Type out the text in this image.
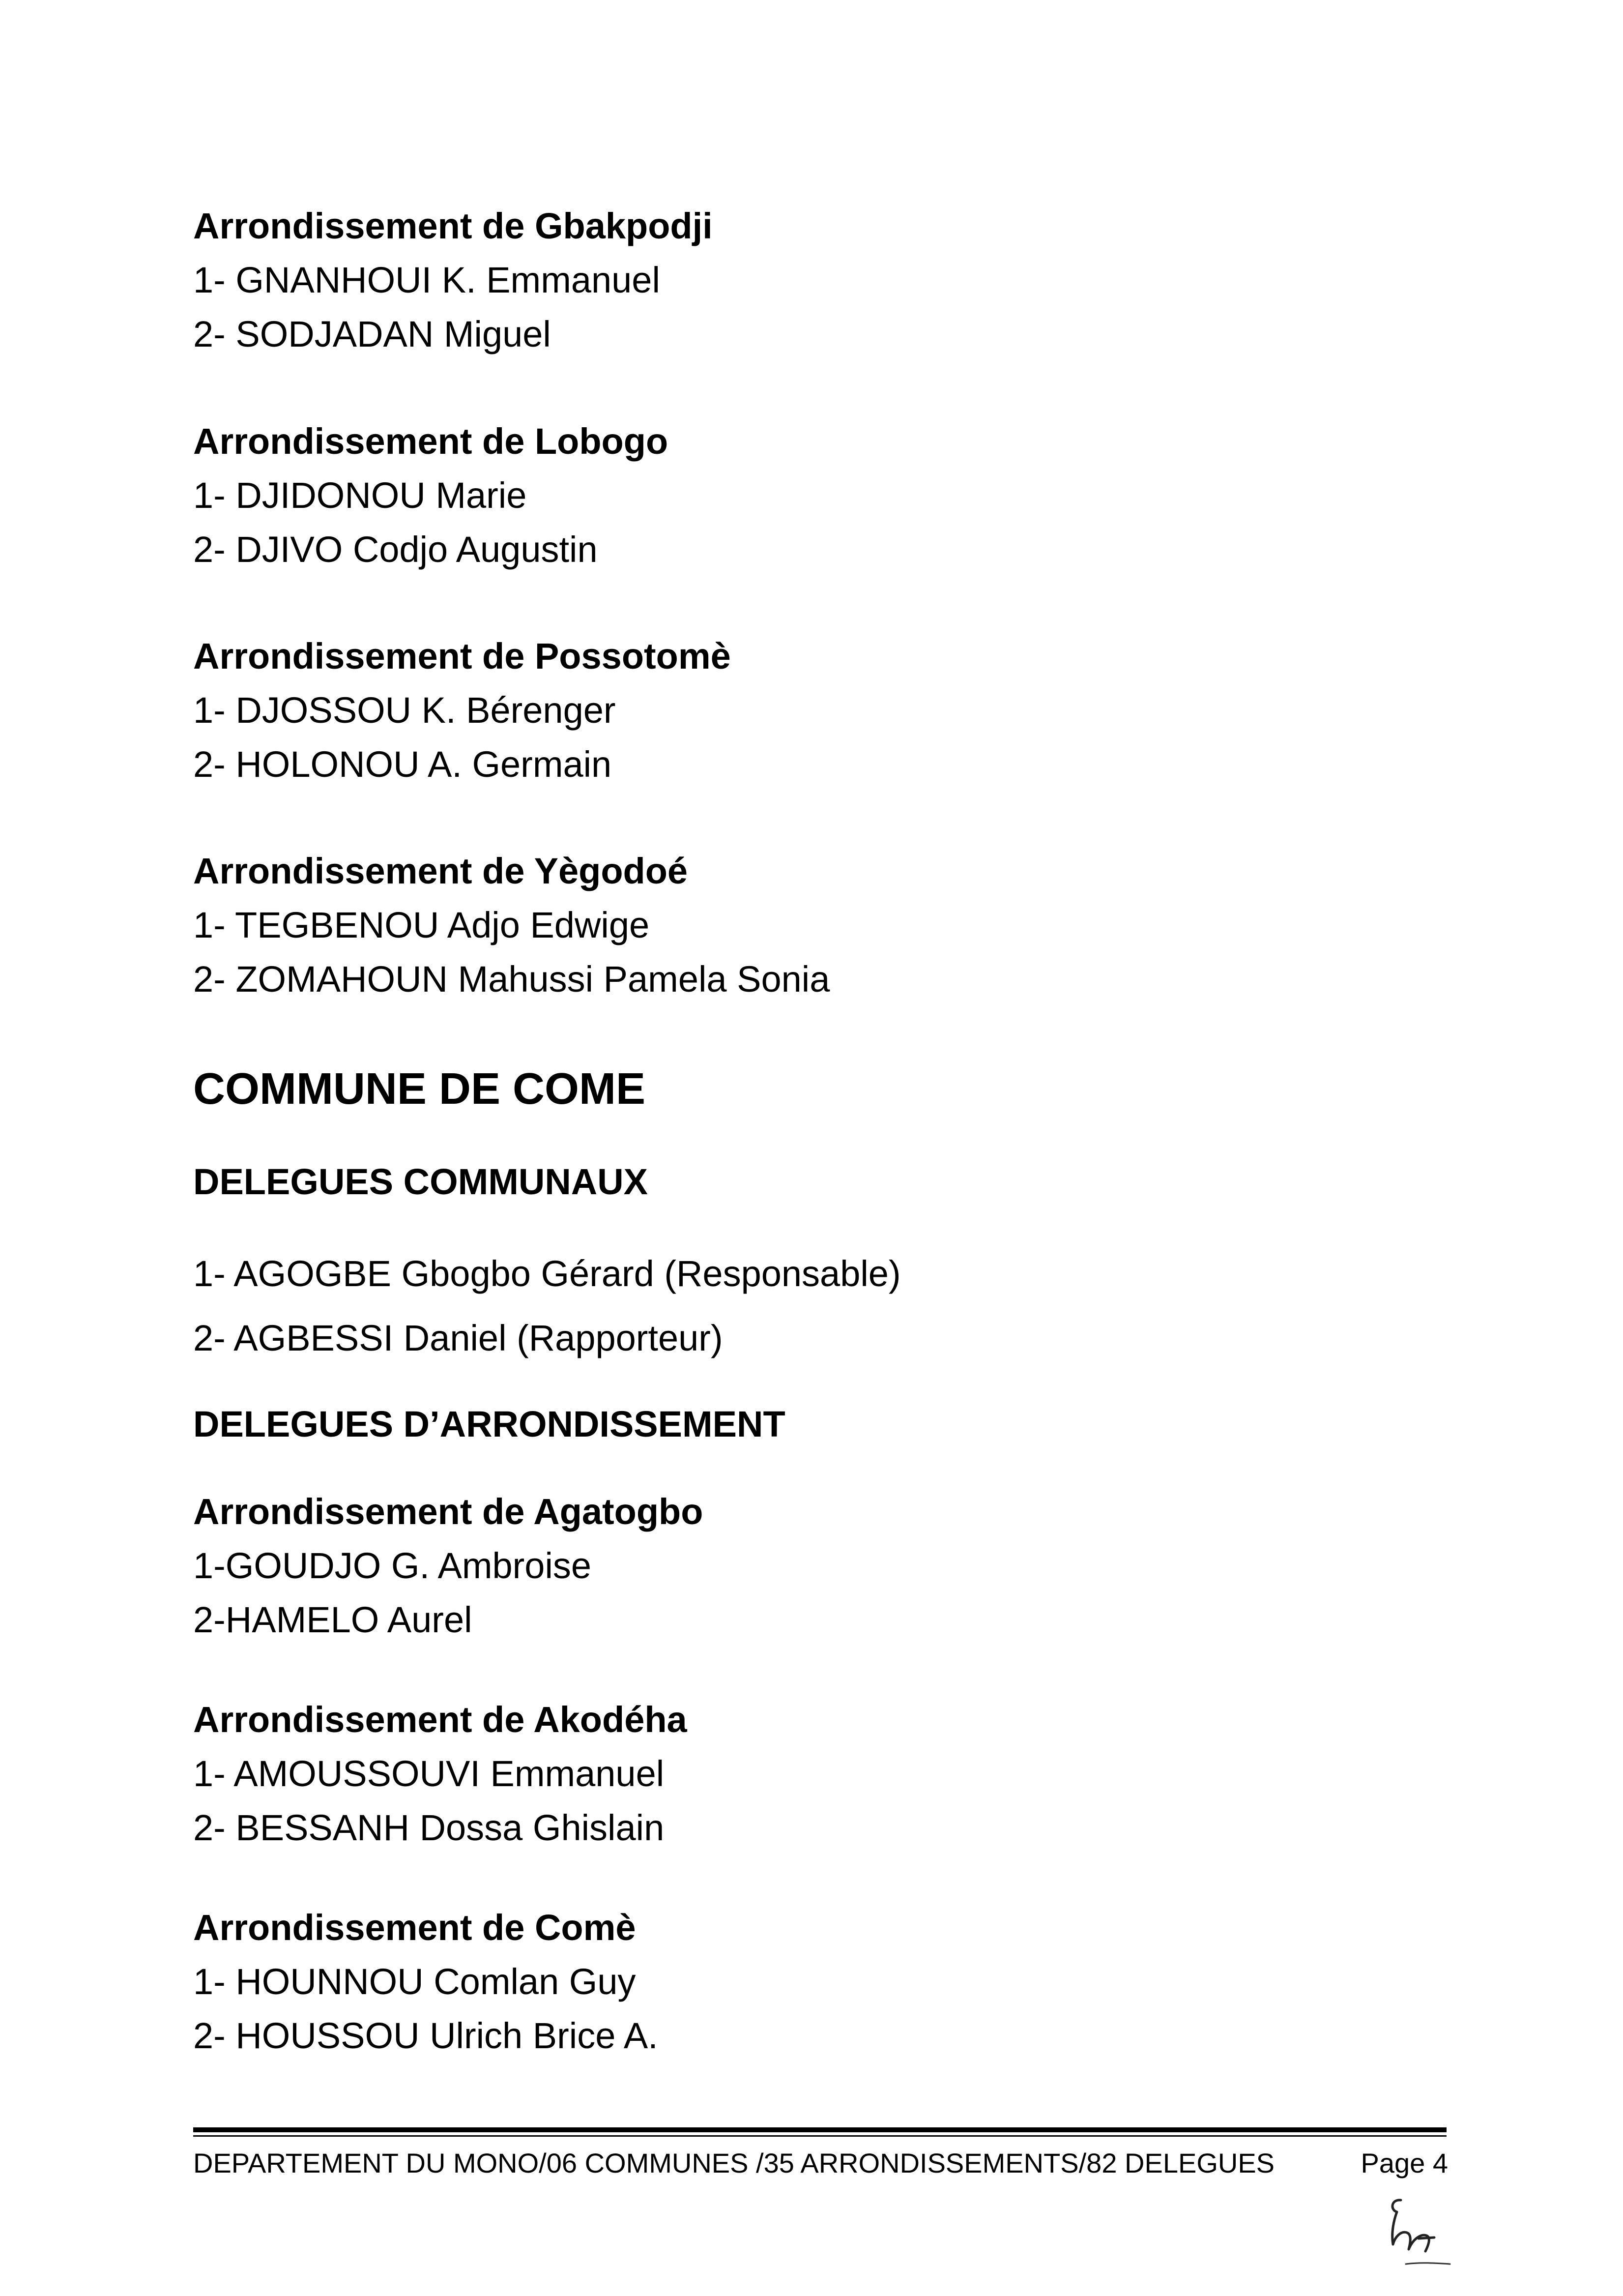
Arrondissement de Gbakpodji

1- GNANHOUI K. Emmanuel

2- SODJADAN Miguel

Arrondissement de Lobogo

1- DJIDONOU Marie

2- DJIVO Codjo Augustin

Arrondissement de Possotomè

1- DJOSSOU K. Bérenger

2- HOLONOU A. Germain

Arrondissement de Yègodoé

1- TEGBENOU Adjo Edwige

2- ZOMAHOUN Mahussi Pamela Sonia

COMMUNE DE COME
DELEGUES COMMUNAUX

1- AGOGBE Gbogbo Gérard (Responsable)

2- AGBESSI Daniel (Rapporteur)

DELEGUES D’ARRONDISSEMENT

Arrondissement de Agatogbo

1-GOUDJO G. Ambroise

2-HAMELO Aurel

Arrondissement de Akodéha

1- AMOUSSOUVI Emmanuel

2- BESSANH Dossa Ghislain

Arrondissement de Comè

1- HOUNNOU Comlan Guy

2- HOUSSOU Ulrich Brice A.

DEPARTEMENT DU MONO/06 COMMUNES /35 ARRONDISSEMENTS/82 DELEGUES	Page 4
